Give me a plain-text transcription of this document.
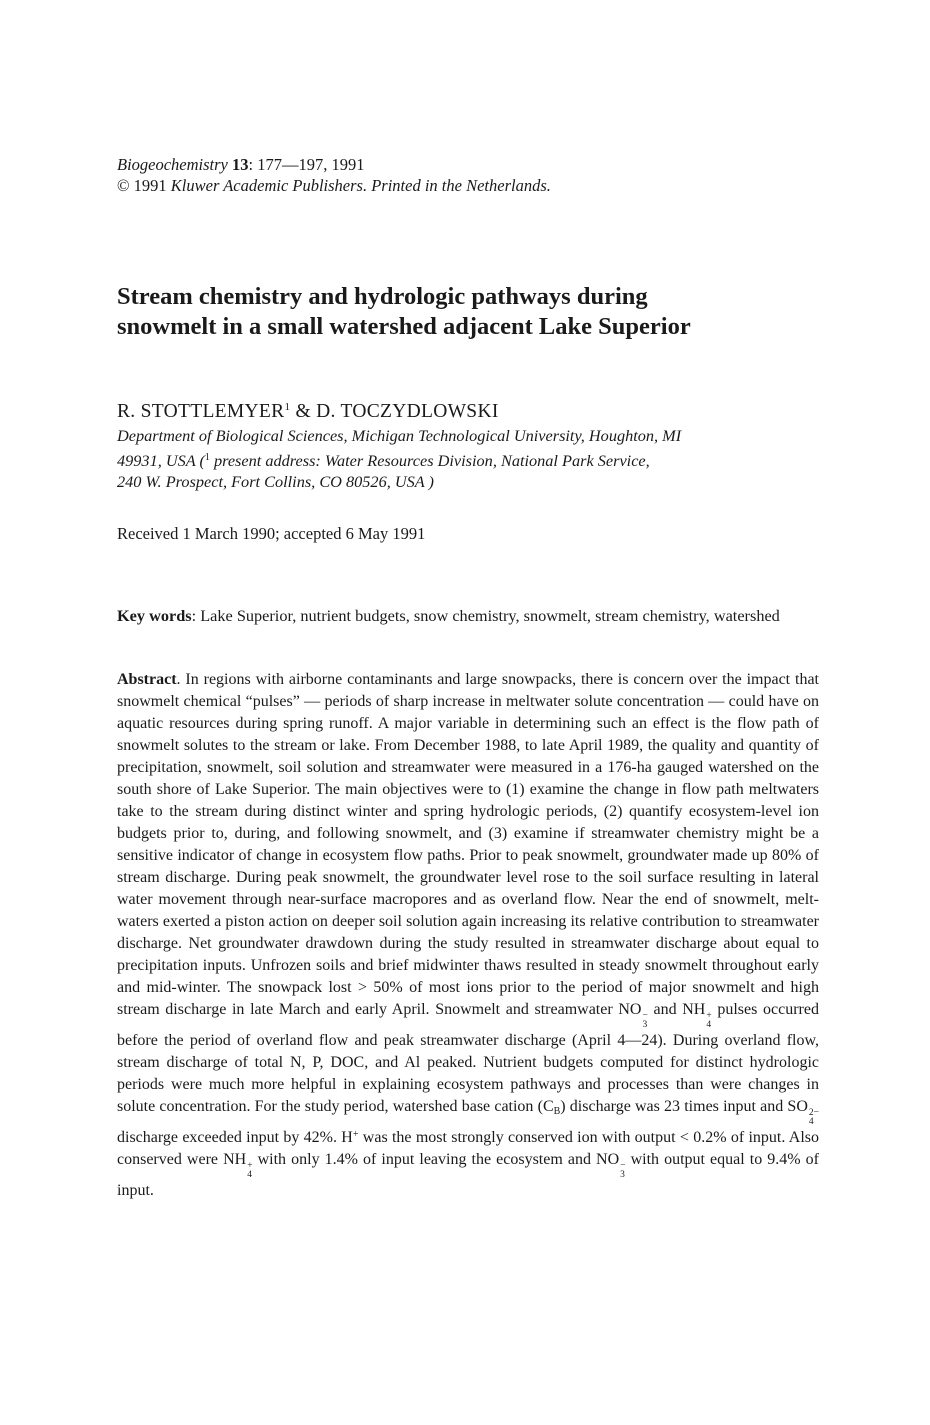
Biogeochemistry 13: 177—197, 1991
© 1991 Kluwer Academic Publishers. Printed in the Netherlands.
Stream chemistry and hydrologic pathways during
snowmelt in a small watershed adjacent Lake Superior
R. STOTTLEMYER$^1$ & D. TOCZYDLOWSKI
Department of Biological Sciences, Michigan Technological University, Houghton, MI
49931, USA ($^1$ present address: Water Resources Division, National Park Service,
240 W. Prospect, Fort Collins, CO 80526, USA )
Received 1 March 1990; accepted 6 May 1991
Key words: Lake Superior, nutrient budgets, snow chemistry, snowmelt, stream chemistry, watershed

Abstract. In regions with airborne contaminants and large snowpacks, there is concern over the impact that snowmelt chemical “pulses” — periods of sharp increase in meltwater solute concentration — could have on aquatic resources during spring runoff. A major variable in determining such an effect is the flow path of snowmelt solutes to the stream or lake. From December 1988, to late April 1989, the quality and quantity of precipitation, snowmelt, soil solution and streamwater were measured in a 176-ha gauged watershed on the south shore of Lake Superior. The main objectives were to (1) examine the change in flow path meltwaters take to the stream during distinct winter and spring hydrologic periods, (2) quantify ecosystem-level ion budgets prior to, during, and following snowmelt, and (3) examine if streamwater chemistry might be a sensitive indicator of change in ecosystem flow paths. Prior to peak snowmelt, groundwater made up 80% of stream discharge. During peak snowmelt, the groundwater level rose to the soil surface resulting in lateral water movement through near-surface macropores and as overland flow. Near the end of snowmelt, meltwaters exerted a piston action on deeper soil solution again increasing its relative contribution to streamwater discharge. Net groundwater drawdown during the study resulted in streamwater discharge about equal to precipitation inputs. Unfrozen soils and brief midwinter thaws resulted in steady snowmelt throughout early and mid-winter. The snowpack lost > 50% of most ions prior to the period of major snowmelt and high stream discharge in late March and early April. Snowmelt and streamwater NO −
3
and NH +
4
pulses occurred before the period of overland flow and peak streamwater discharge (April 4—24). During overland flow, stream discharge of total N, P, DOC, and Al peaked. Nutrient budgets computed for distinct hydrologic periods were much more helpful in explaining ecosystem pathways and processes than were changes in solute concentration. For the study period, watershed base cation $(C_B)$ discharge was 23 times input and SO 2−
4
discharge exceeded input by 42%. H+ was the most strongly conserved ion with output < 0.2% of input. Also conserved were NH +
4
with only 1.4% of input leaving the ecosystem and NO −
3
with output equal to 9.4% of input.
